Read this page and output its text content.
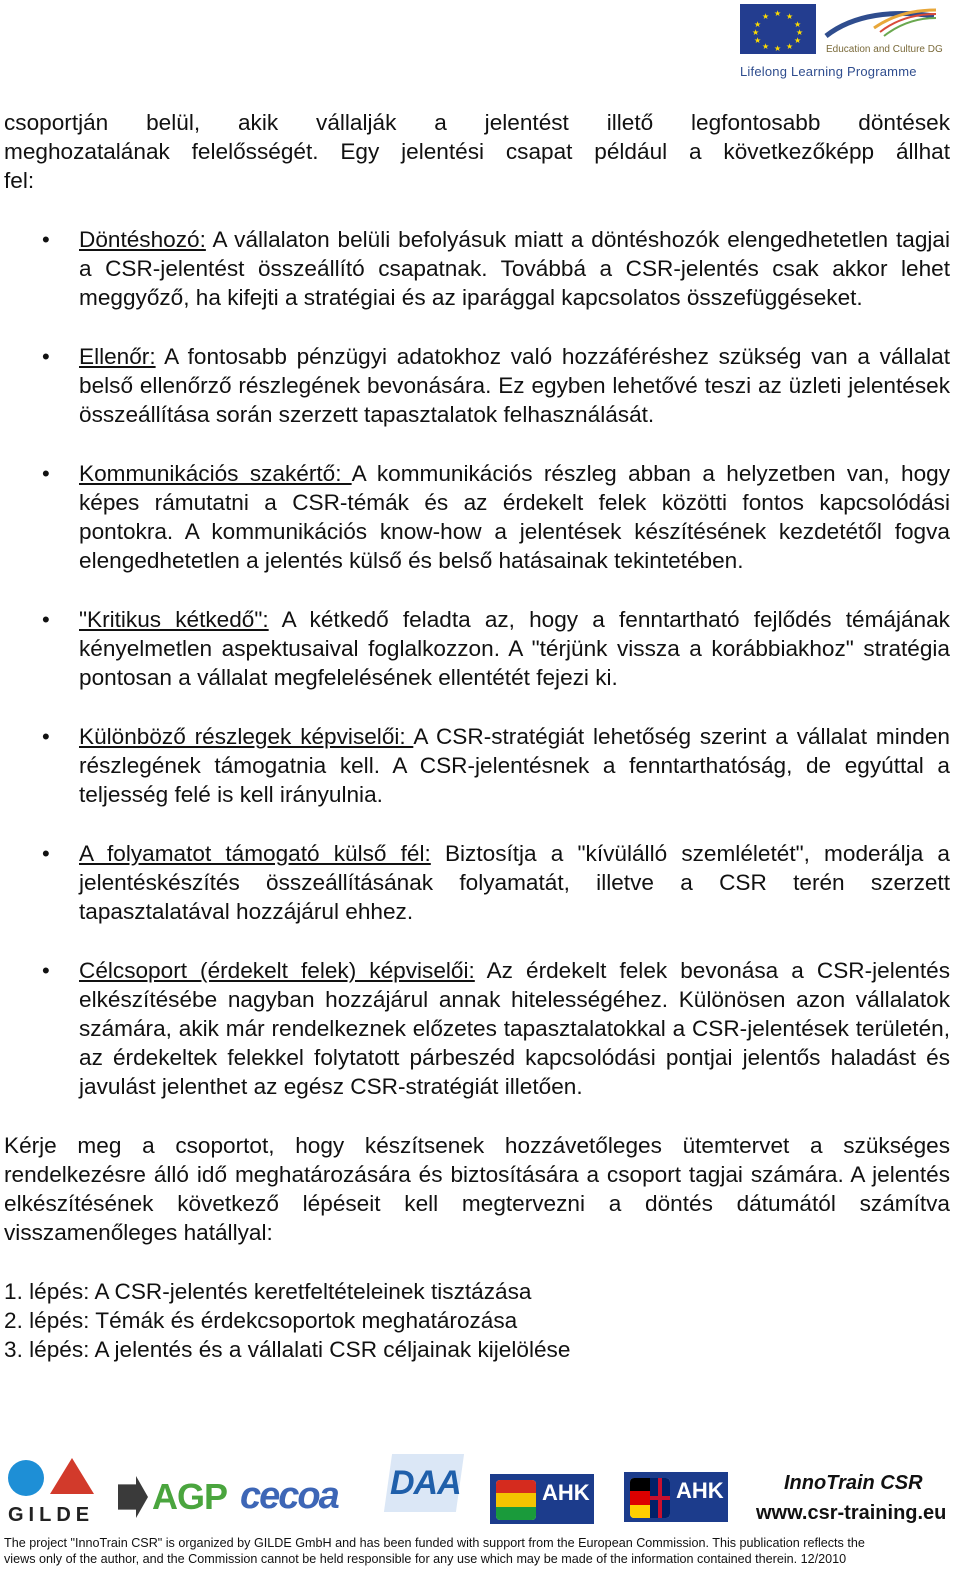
★ ★
★
★
★
★
★
★
★
★
★
★
Education and Culture DG
Lifelong Learning Programme
csoportján belül, akik vállalják a jelentést illető legfontosabb döntések
meghozatalának felelősségét. Egy jelentési csapat például a következőképp állhat
fel:
• Döntéshozó: A vállalaton belüli befolyásuk miatt a döntéshozók elengedhetetlen tagjai a CSR-jelentést összeállító csapatnak. Továbbá a CSR-jelentés csak akkor lehet meggyőző, ha kifejti a stratégiai és az iparággal kapcsolatos összefüggéseket.
• Ellenőr: A fontosabb pénzügyi adatokhoz való hozzáféréshez szükség van a vállalat belső ellenőrző részlegének bevonására. Ez egyben lehetővé teszi az üzleti jelentések összeállítása során szerzett tapasztalatok felhasználását.
• Kommunikációs szakértő: A kommunikációs részleg abban a helyzetben van, hogy képes rámutatni a CSR-témák és az érdekelt felek közötti fontos kapcsolódási pontokra. A kommunikációs know-how a jelentések készítésének kezdetétől fogva elengedhetetlen a jelentés külső és belső hatásainak tekintetében.
• "Kritikus kétkedő": A kétkedő feladta az, hogy a fenntartható fejlődés témájának kényelmetlen aspektusaival foglalkozzon. A "térjünk vissza a korábbiakhoz" stratégia pontosan a vállalat megfelelésének ellentétét fejezi ki.
• Különböző részlegek képviselői: A CSR-stratégiát lehetőség szerint a vállalat minden részlegének támogatnia kell. A CSR-jelentésnek a fenntarthatóság, de egyúttal a teljesség felé is kell irányulnia.
• A folyamatot támogató külső fél: Biztosítja a "kívülálló szemléletét", moderálja a jelentéskészítés összeállításának folyamatát, illetve a CSR terén szerzett tapasztalatával hozzájárul ehhez.
• Célcsoport (érdekelt felek) képviselői: Az érdekelt felek bevonása a CSR-jelentés elkészítésébe nagyban hozzájárul annak hitelességéhez. Különösen azon vállalatok számára, akik már rendelkeznek előzetes tapasztalatokkal a CSR-jelentések területén, az érdekeltek felekkel folytatott párbeszéd kapcsolódási pontjai jelentős haladást és javulást jelenthet az egész CSR-stratégiát illetően.
Kérje meg a csoportot, hogy készítsenek hozzávetőleges ütemtervet a szükséges rendelkezésre álló idő meghatározására és biztosítására a csoport tagjai számára. A jelentés elkészítésének következő lépéseit kell megtervezni a döntés dátumától számítva visszamenőleges hatállyal:
1. lépés: A CSR-jelentés keretfeltételeinek tisztázása
2. lépés: Témák és érdekcsoportok meghatározása
3. lépés: A jelentés és a vállalati CSR céljainak kijelölése
GILDE AGP cecoa	DAA	AHK	AHK	InnoTrain CSR
www.csr-training.eu
The project "InnoTrain CSR" is organized by GILDE GmbH and has been funded with support from the European Commission. This publication reflects the
views only of the author, and the Commission cannot be held responsible for any use which may be made of the information contained therein. 12/2010
